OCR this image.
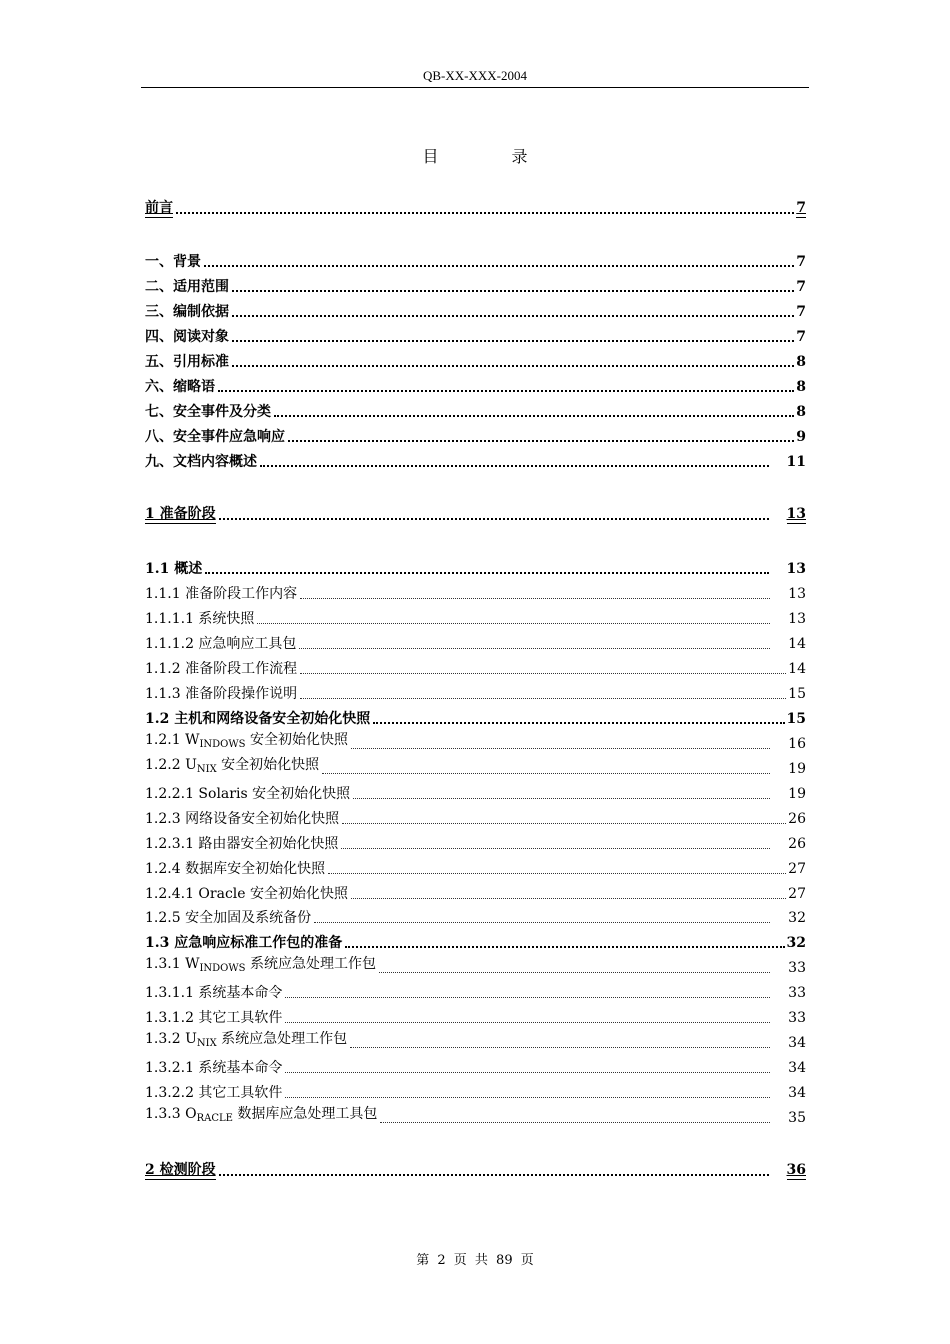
QB-XX-XXX-2004
目 录
前言	7
一、背景	7
二、适用范围	7
三、编制依据	7
四、阅读对象	7
五、引用标准	8
六、缩略语	8
七、安全事件及分类	8
八、安全事件应急响应	9
九、文档内容概述	11
1 准备阶段	13
1.1 概述	13
1.1.1 准备阶段工作内容	13
1.1.1.1 系统快照	13
1.1.1.2 应急响应工具包	14
1.1.2 准备阶段工作流程	14
1.1.3 准备阶段操作说明	15
1.2 主机和网络设备安全初始化快照	15
1.2.1 $W_{INDOWS}$ 安全初始化快照	16
1.2.2 $U_{NIX}$ 安全初始化快照	19
1.2.2.1 Solaris 安全初始化快照	19
1.2.3 网络设备安全初始化快照	26
1.2.3.1 路由器安全初始化快照	26
1.2.4 数据库安全初始化快照	27
1.2.4.1 Oracle 安全初始化快照	27
1.2.5 安全加固及系统备份	32
1.3 应急响应标准工作包的准备	32
1.3.1 $W_{INDOWS}$ 系统应急处理工作包	33
1.3.1.1 系统基本命令	33
1.3.1.2 其它工具软件	33
1.3.2 $U_{NIX}$ 系统应急处理工作包	34
1.3.2.1 系统基本命令	34
1.3.2.2 其它工具软件	34
1.3.3 $O_{RACLE}$ 数据库应急处理工具包	35
2 检测阶段	36
第 2 页 共 89 页
